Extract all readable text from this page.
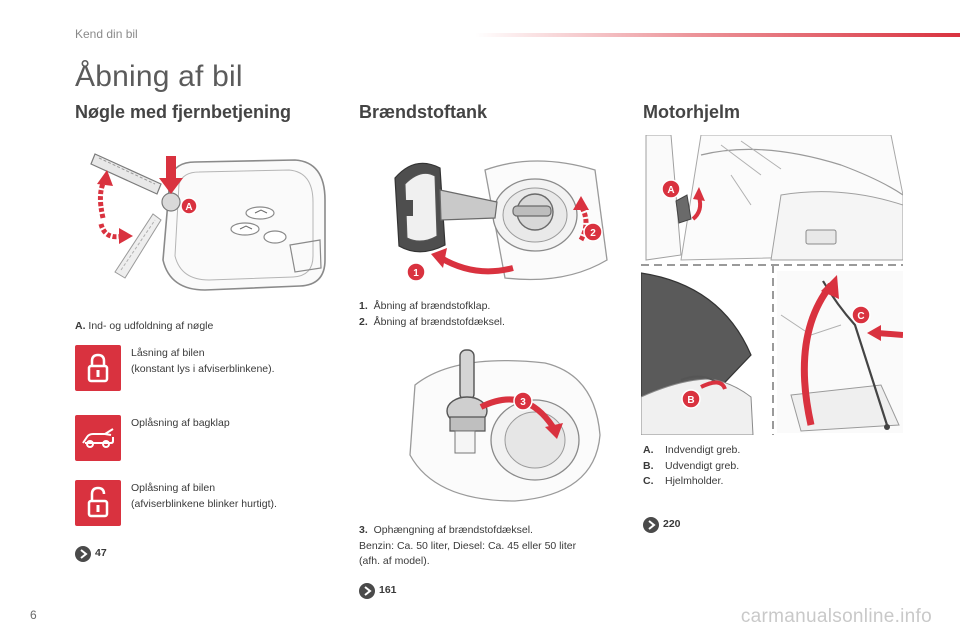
Kend din bil
Åbning af bil
Nøgle med fjernbetjening	Brændstoftank	Motorhjelm
A
A. Ind- og udfoldning af nøgle
Låsning af bilen
(konstant lys i afviserblinkene).
Oplåsning af bagklap
Oplåsning af bilen
(afviserblinkene blinker hurtigt).
47
1
2
1. Åbning af brændstofklap.
2. Åbning af brændstofdæksel.
3
3. Ophængning af brændstofdæksel.
Benzin: Ca. 50 liter, Diesel: Ca. 45 eller 50 liter
(afh. af model).
161
A
B
C
A. Indvendigt greb.
B. Udvendigt greb.
C. Hjelmholder.
220
6	carmanualsonline.info
